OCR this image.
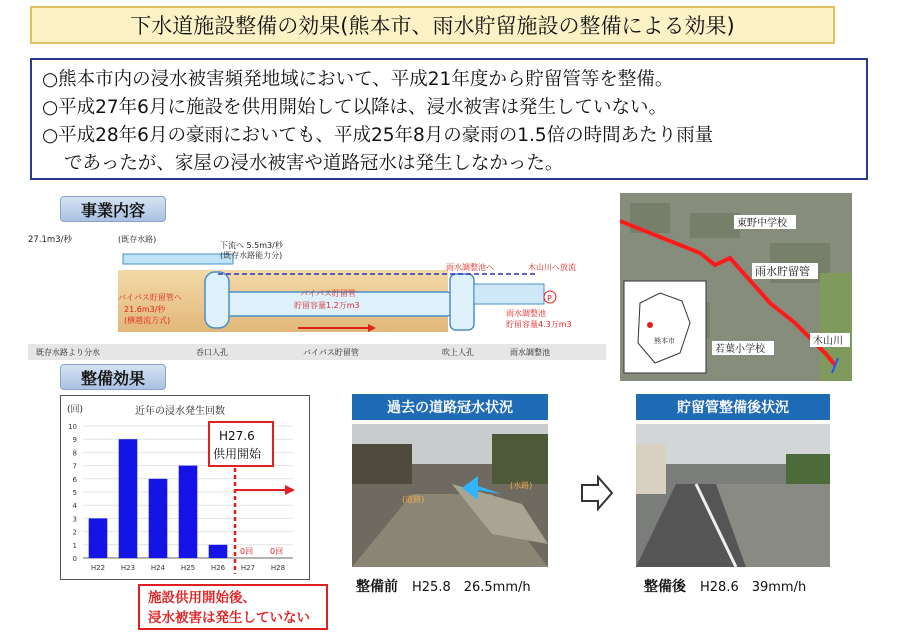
下水道施設整備の効果(熊本市、雨水貯留施設の整備による効果)

○熊本市内の浸水被害頻発地域において、平成21年度から貯留管等を整備。

○平成27年6月に施設を供用開始して以降は、浸水被害は発生していない。

○平成28年6月の豪雨においても、平成25年8月の豪雨の1.5倍の時間あたり雨量

であったが、家屋の浸水被害や道路冠水は発生しなかった。

事業内容
整備効果
P
27.1m3/秒	(既存水路)
下流へ 5.5m3/秒
(既存水路能力分)
バイパス貯留管へ
21.6m3/秒
(横越流方式)
バイパス貯留管
貯留容量1.2万m3
雨水調整池へ	木山川へ放流
雨水調整池
貯留容量4.3万m3
既存水路より分水	呑口人孔	バイパス貯留管	吹上人孔	雨水調整池
東野中学校
雨水貯留管
若葉小学校
木山川
熊本市
(回)	近年の浸水発生回数
0
1
2
3
4
5
6
7
8
9
10
H22 H23 H24 H25 H26 H27 H28
H27.6
供用開始
0回 0回
施設供用開始後、
浸水被害は発生していない
過去の道路冠水状況
(道路)
(水路)
整備前 H25.8　26.5mm/h
貯留管整備後状況
整備後 H28.6　39mm/h
